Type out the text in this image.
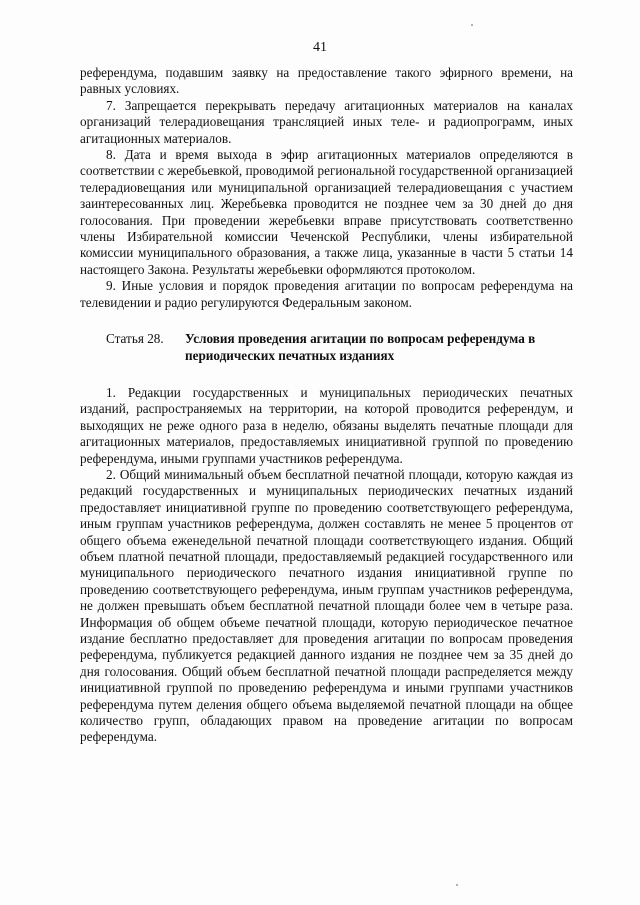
41

референдума, подавшим заявку на предоставление такого эфирного времени, на равных условиях.

7. Запрещается перекрывать передачу агитационных материалов на каналах организаций телерадиовещания трансляцией иных теле- и радиопрограмм, иных агитационных материалов.

8. Дата и время выхода в эфир агитационных материалов определяются в соответствии с жеребьевкой, проводимой региональной государственной организацией телерадиовещания или муниципальной организацией телерадиовещания с участием заинтересованных лиц. Жеребьевка проводится не позднее чем за 30 дней до дня голосования. При проведении жеребьевки вправе присутствовать соответственно члены Избирательной комиссии Чеченской Республики, члены избирательной комиссии муниципального образования, а также лица, указанные в части 5 статьи 14 настоящего Закона. Результаты жеребьевки оформляются протоколом.

9. Иные условия и порядок проведения агитации по вопросам референдума на телевидении и радио регулируются Федеральным законом.

Статья 28.	Условия проведения агитации по вопросам референдума в периодических печатных изданиях

1. Редакции государственных и муниципальных периодических печатных изданий, распространяемых на территории, на которой проводится референдум, и выходящих не реже одного раза в неделю, обязаны выделять печатные площади для агитационных материалов, предоставляемых инициативной группой по проведению референдума, иными группами участников референдума.

2. Общий минимальный объем бесплатной печатной площади, которую каждая из редакций государственных и муниципальных периодических печатных изданий предоставляет инициативной группе по проведению соответствующего референдума, иным группам участников референдума, должен составлять не менее 5 процентов от общего объема еженедельной печатной площади соответствующего издания. Общий объем платной печатной площади, предоставляемый редакцией государственного или муниципального периодического печатного издания инициативной группе по проведению соответствующего референдума, иным группам участников референдума, не должен превышать объем бесплатной печатной площади более чем в четыре раза. Информация об общем объеме печатной площади, которую периодическое печатное издание бесплатно предоставляет для проведения агитации по вопросам проведения референдума, публикуется редакцией данного издания не позднее чем за 35 дней до дня голосования. Общий объем бесплатной печатной площади распределяется между инициативной группой по проведению референдума и иными группами участников референдума путем деления общего объема выделяемой печатной площади на общее количество групп, обладающих правом на проведение агитации по вопросам референдума.
